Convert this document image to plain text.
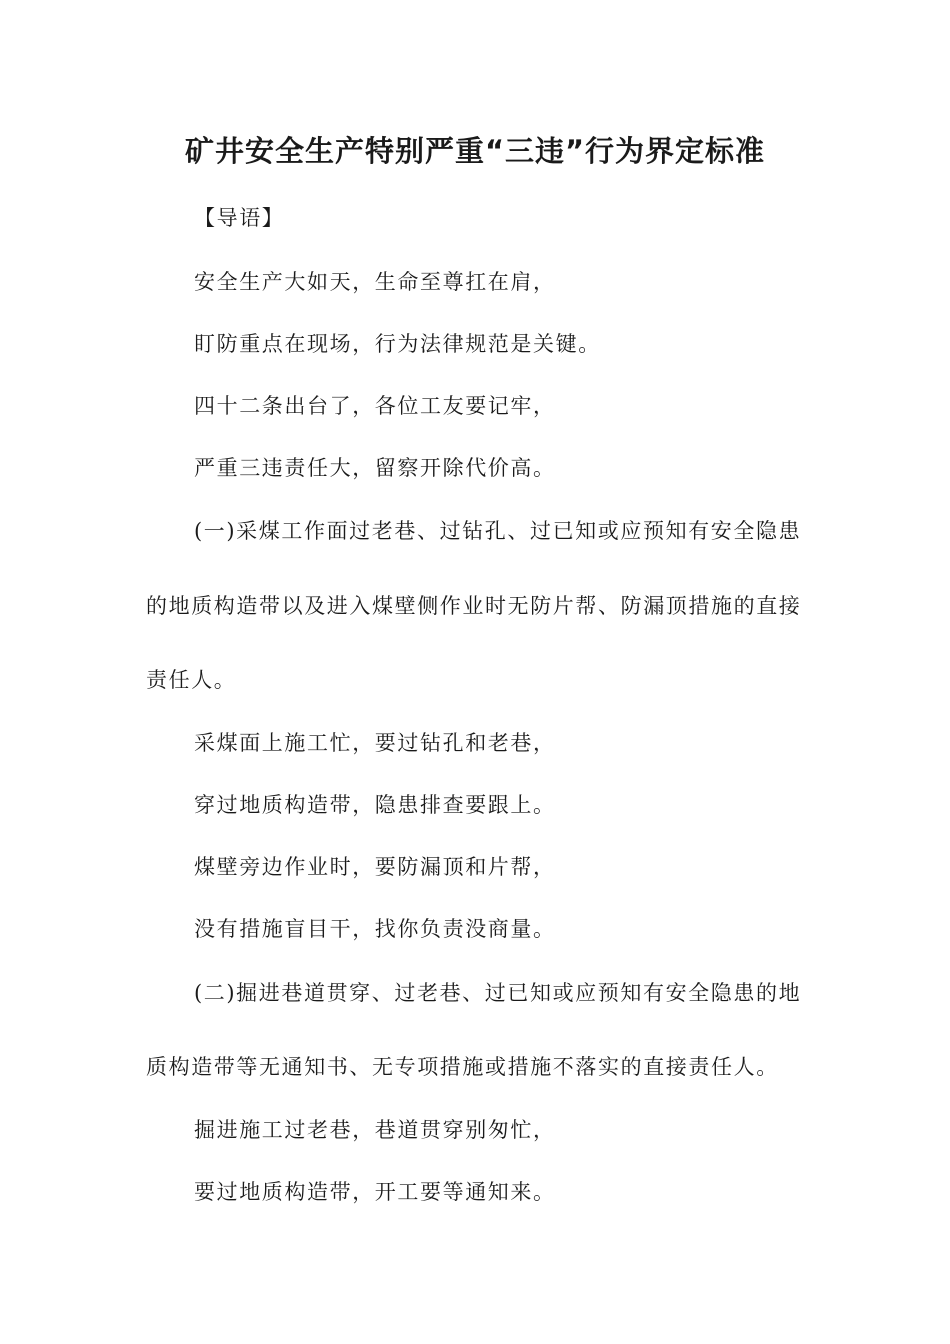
矿井安全生产特别严重“三违”行为界定标准

【导语】

安全生产大如天，生命至尊扛在肩，

盯防重点在现场，行为法律规范是关键。

四十二条出台了，各位工友要记牢，

严重三违责任大，留察开除代价高。

(一)采煤工作面过老巷、过钻孔、过已知或应预知有安全隐患

的地质构造带以及进入煤壁侧作业时无防片帮、防漏顶措施的直接

责任人。

采煤面上施工忙，要过钻孔和老巷，

穿过地质构造带，隐患排查要跟上。

煤壁旁边作业时，要防漏顶和片帮，

没有措施盲目干，找你负责没商量。

(二)掘进巷道贯穿、过老巷、过已知或应预知有安全隐患的地

质构造带等无通知书、无专项措施或措施不落实的直接责任人。

掘进施工过老巷，巷道贯穿别匆忙，

要过地质构造带，开工要等通知来。
